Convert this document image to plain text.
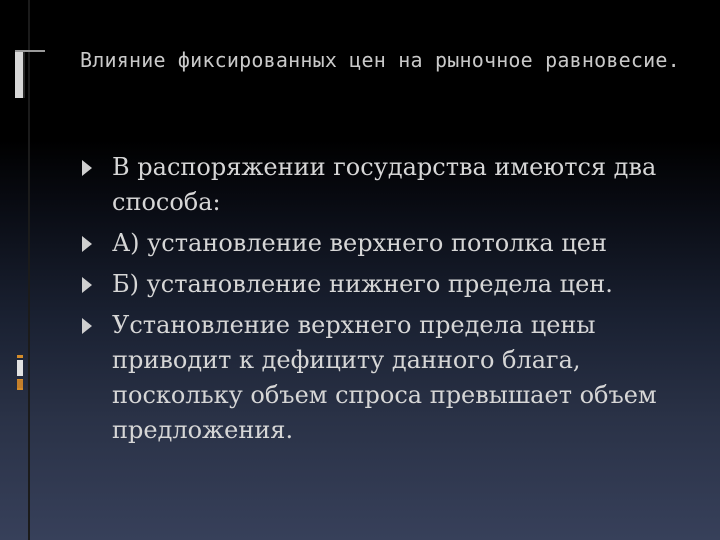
Влияние фиксированных цен на рыночное равновесие.
В распоряжении государства имеются два способа:
А) установление верхнего потолка цен
Б) установление нижнего предела цен.
Установление верхнего предела цены приводит к дефициту данного блага, поскольку объем спроса превышает объем предложения.
